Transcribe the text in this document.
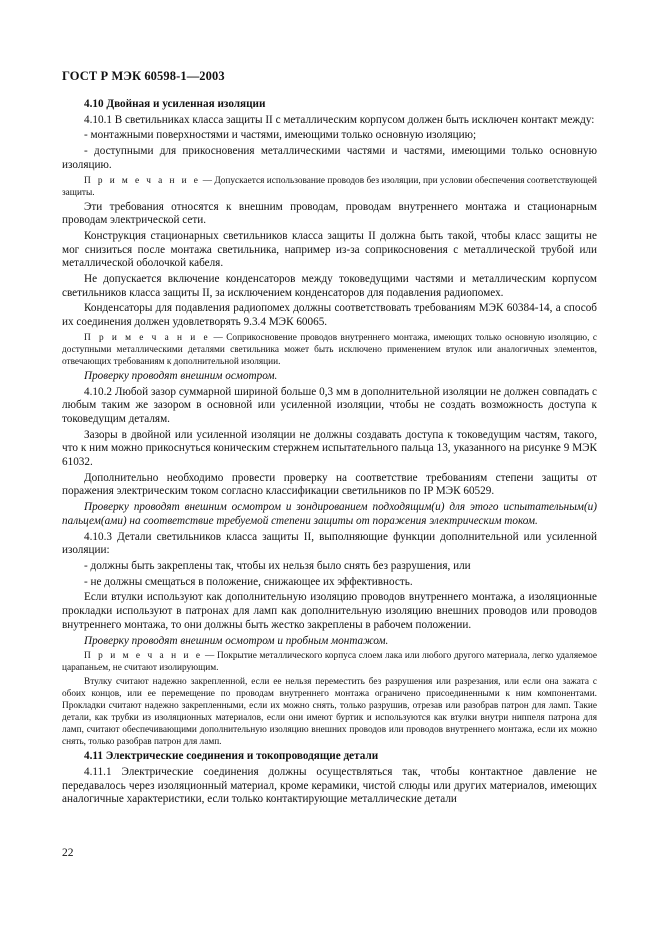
ГОСТ Р МЭК 60598-1—2003

4.10 Двойная и усиленная изоляции

4.10.1 В светильниках класса защиты II с металлическим корпусом должен быть исключен контакт между:

- монтажными поверхностями и частями, имеющими только основную изоляцию;

- доступными для прикосновения металлическими частями и частями, имеющими только основную изоляцию.

П р и м е ч а н и е — Допускается использование проводов без изоляции, при условии обеспечения соответствующей защиты.

Эти требования относятся к внешним проводам, проводам внутреннего монтажа и стационарным проводам электрической сети.

Конструкция стационарных светильников класса защиты II должна быть такой, чтобы класс защиты не мог снизиться после монтажа светильника, например из-за соприкосновения с металлической трубой или металлической оболочкой кабеля.

Не допускается включение конденсаторов между токоведущими частями и металлическим корпусом светильников класса защиты II, за исключением конденсаторов для подавления радиопомех.

Конденсаторы для подавления радиопомех должны соответствовать требованиям МЭК 60384-14, а способ их соединения должен удовлетворять 9.3.4 МЭК 60065.

П р и м е ч а н и е — Соприкосновение проводов внутреннего монтажа, имеющих только основную изоляцию, с доступными металлическими деталями светильника может быть исключено применением втулок или аналогичных элементов, отвечающих требованиям к дополнительной изоляции.

Проверку проводят внешним осмотром.

4.10.2 Любой зазор суммарной шириной больше 0,3 мм в дополнительной изоляции не должен совпадать с любым таким же зазором в основной или усиленной изоляции, чтобы не создать возможность доступа к токоведущим деталям.

Зазоры в двойной или усиленной изоляции не должны создавать доступа к токоведущим частям, такого, что к ним можно прикоснуться коническим стержнем испытательного пальца 13, указанного на рисунке 9 МЭК 61032.

Дополнительно необходимо провести проверку на соответствие требованиям степени защиты от поражения электрическим током согласно классификации светильников по IP МЭК 60529.

Проверку проводят внешним осмотром и зондированием подходящим(и) для этого испытательным(и) пальцем(ами) на соответствие требуемой степени защиты от поражения электрическим током.

4.10.3 Детали светильников класса защиты II, выполняющие функции дополнительной или усиленной изоляции:

- должны быть закреплены так, чтобы их нельзя было снять без разрушения, или

- не должны смещаться в положение, снижающее их эффективность.

Если втулки используют как дополнительную изоляцию проводов внутреннего монтажа, а изоляционные прокладки используют в патронах для ламп как дополнительную изоляцию внешних проводов или проводов внутреннего монтажа, то они должны быть жестко закреплены в рабочем положении.

Проверку проводят внешним осмотром и пробным монтажом.

П р и м е ч а н и е — Покрытие металлического корпуса слоем лака или любого другого материала, легко удаляемое царапаньем, не считают изолирующим.

Втулку считают надежно закрепленной, если ее нельзя переместить без разрушения или разрезания, или если она зажата с обоих концов, или ее перемещение по проводам внутреннего монтажа ограничено присоединенными к ним компонентами. Прокладки считают надежно закрепленными, если их можно снять, только разрушив, отрезав или разобрав патрон для ламп. Такие детали, как трубки из изоляционных материалов, если они имеют буртик и используются как втулки внутри ниппеля патрона для ламп, считают обеспечивающими дополнительную изоляцию внешних проводов или проводов внутреннего монтажа, если их можно снять, только разобрав патрон для ламп.

4.11 Электрические соединения и токопроводящие детали

4.11.1 Электрические соединения должны осуществляться так, чтобы контактное давление не передавалось через изоляционный материал, кроме керамики, чистой слюды или других материалов, имеющих аналогичные характеристики, если только контактирующие металлические детали

22
